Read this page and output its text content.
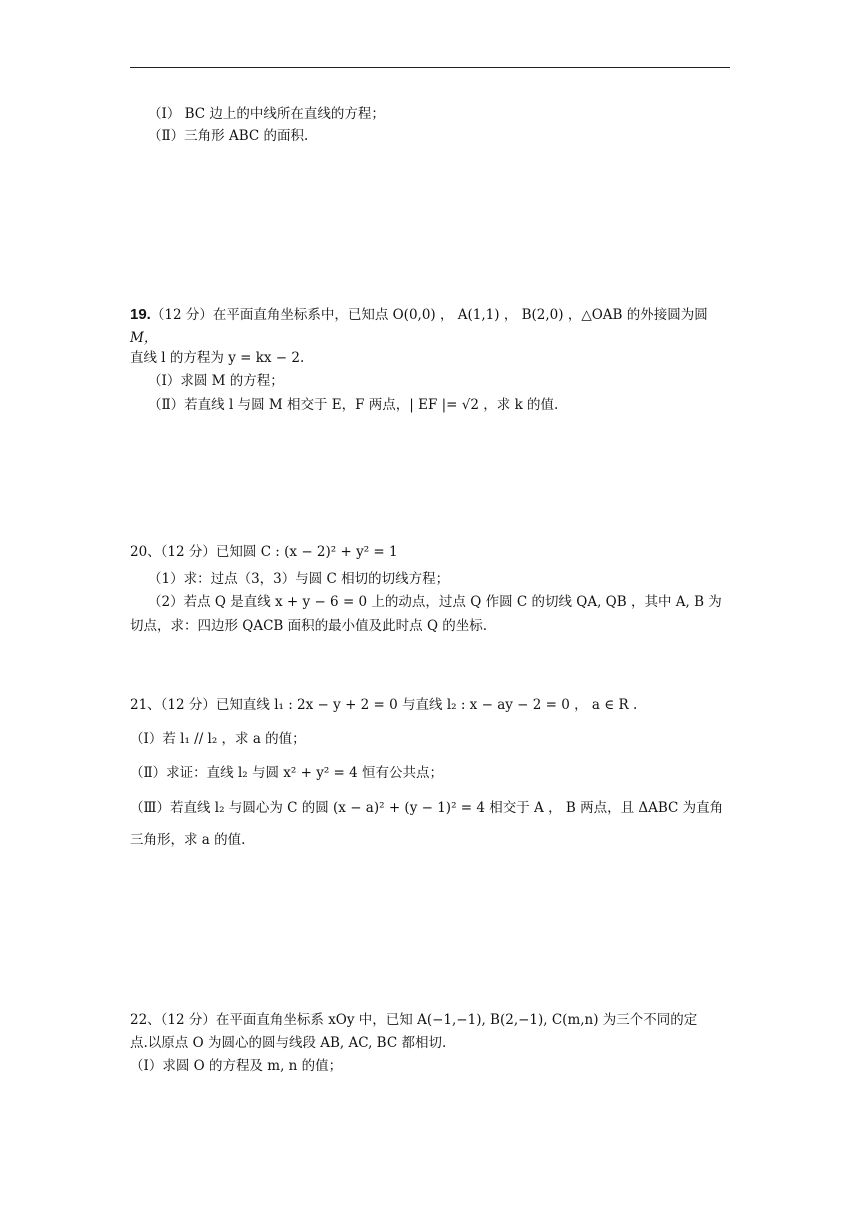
（Ⅰ） BC 边上的中线所在直线的方程；
（Ⅱ）三角形 ABC 的面积.
19.（12 分）在平面直角坐标系中，已知点 O(0,0) ， A(1,1) ， B(2,0) ，△OAB 的外接圆为圆
M，
直线 l 的方程为 y = kx − 2.
（Ⅰ）求圆 M 的方程；
（Ⅱ）若直线 l 与圆 M 相交于 E，F 两点，| EF |= √2 ，求 k 的值.
20、（12 分）已知圆 C : (x − 2)² + y² = 1
（1）求：过点（3，3）与圆 C 相切的切线方程；
（2）若点 Q 是直线 x + y − 6 = 0 上的动点，过点 Q 作圆 C 的切线 QA, QB ，其中 A, B 为
切点，求：四边形 QACB 面积的最小值及此时点 Q 的坐标.
21、（12 分）已知直线 l₁ : 2x − y + 2 = 0 与直线 l₂ : x − ay − 2 = 0 ， a ∈ R .
（Ⅰ）若 l₁ // l₂ ，求 a 的值；
（Ⅱ）求证：直线 l₂ 与圆 x² + y² = 4 恒有公共点；
（Ⅲ）若直线 l₂ 与圆心为 C 的圆 (x − a)² + (y − 1)² = 4 相交于 A ， B 两点，且 ΔABC 为直角
三角形，求 a 的值.
22、（12 分）在平面直角坐标系 xOy 中，已知 A(−1,−1), B(2,−1), C(m,n) 为三个不同的定
点.以原点 O 为圆心的圆与线段 AB, AC, BC 都相切.
（Ⅰ）求圆 O 的方程及 m, n 的值；
